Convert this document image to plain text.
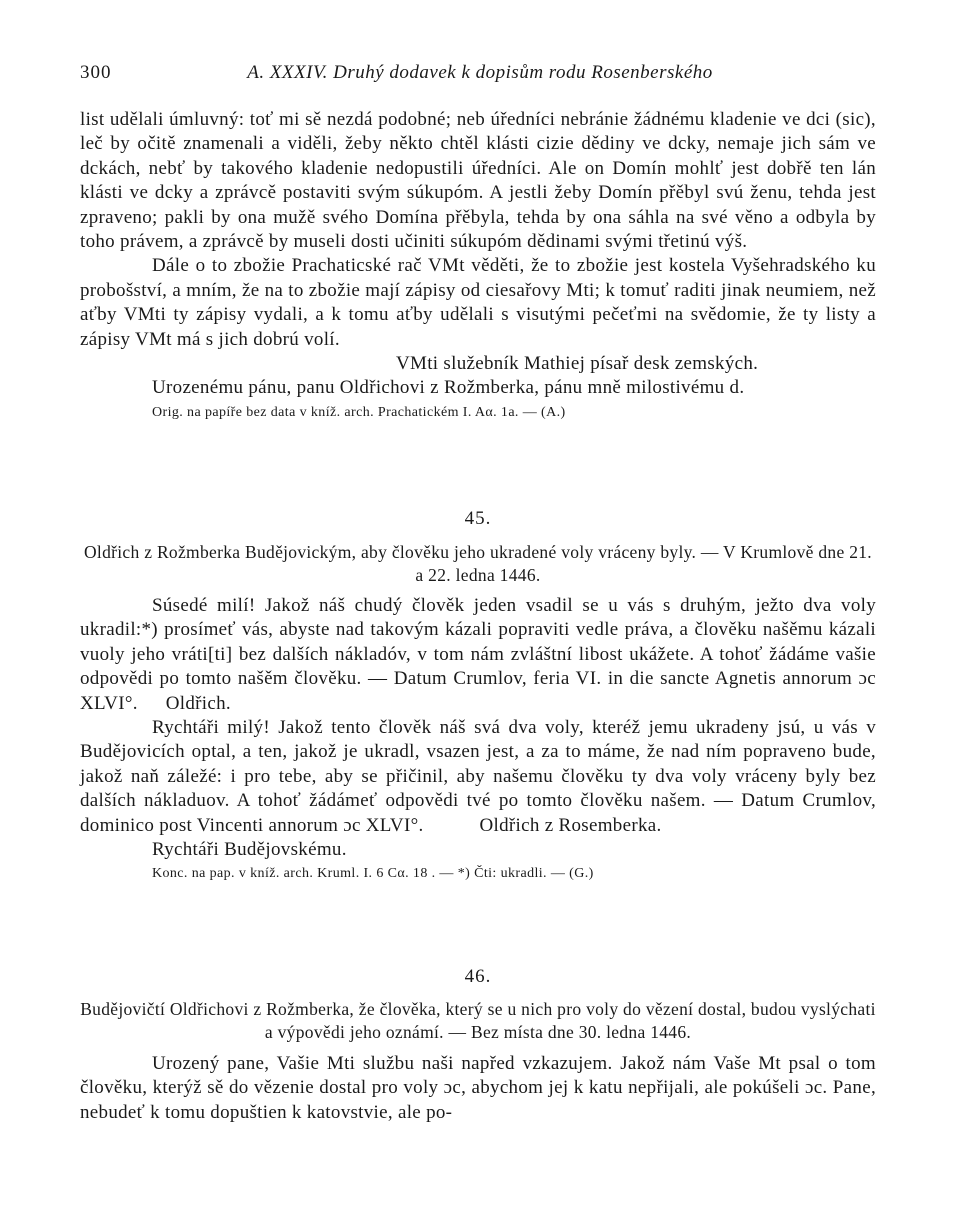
300	A. XXXIV. Druhý dodavek k dopisům rodu Rosenberského

list udělali úmluvný: toť mi sě nezdá podobné; neb úředníci nebránie žádnému kladenie ve dci (sic), leč by očitě znamenali a viděli, žeby někto chtěl klásti cizie dědiny ve dcky, nemaje jich sám ve dckách, nebť by takového kladenie nedopustili úředníci. Ale on Domín mohlť jest dobřě ten lán klásti ve dcky a zprávcě postaviti svým súkupóm. A jestli žeby Domín přěbyl svú ženu, tehda jest zpraveno; pakli by ona mužě svého Domína přěbyla, tehda by ona sáhla na své věno a odbyla by toho právem, a zprávcě by museli dosti učiniti súkupóm dědinami svými třetinú výš.

Dále o to zbožie Prachaticské rač VMt věděti, že to zbožie jest kostela Vyšehradského ku probošství, a mním, že na to zbožie mají zápisy od ciesařovy Mti; k tomuť raditi jinak neumiem, než aťby VMti ty zápisy vydali, a k tomu aťby udělali s visutými pečeťmi na svědomie, že ty listy a zápisy VMt má s jich dobrú volí.

VMti služebník Mathiej písař desk zemských.

Urozenému pánu, panu Oldřichovi z Rožmberka, pánu mně milostivému d.

Orig. na papíře bez data v kníž. arch. Prachatickém I. Aα. 1a. — (A.)

45.
Oldřich z Rožmberka Budějovickým, aby člověku jeho ukradené voly vráceny byly. — V Krumlově dne 21. a 22. ledna 1446.

Súsedé milí! Jakož náš chudý člověk jeden vsadil se u vás s druhým, ježto dva voly ukradil:*) prosímeť vás, abyste nad takovým kázali popraviti vedle práva, a člověku našěmu kázali vuoly jeho vráti[ti] bez dalších nákladóv, v tom nám zvláštní libost ukážete. A tohoť žádáme vašie odpovědi po tomto našěm člověku. — Datum Crumlov, feria VI. in die sancte Agnetis annorum ɔc XLVI°. Oldřich.

Rychtáři milý! Jakož tento člověk náš svá dva voly, kteréž jemu ukradeny jsú, u vás v Budějovicích optal, a ten, jakož je ukradl, vsazen jest, a za to máme, že nad ním popraveno bude, jakož naň záležé: i pro tebe, aby se přičinil, aby našemu člověku ty dva voly vráceny byly bez dalších nákladuov. A tohoť žádámeť odpovědi tvé po tomto člověku našem. — Datum Crumlov, dominico post Vincenti annorum ɔc XLVI°.	Oldřich z Rosemberka.

Rychtáři Budějovskému.

Konc. na pap. v kníž. arch. Kruml. I. 6 Cα. 18 . — *) Čti: ukradli. — (G.)

46.
Budějovičtí Oldřichovi z Rožmberka, že člověka, který se u nich pro voly do vězení dostal, budou vyslýchati a výpovědi jeho oznámí. — Bez místa dne 30. ledna 1446.

Urozený pane, Vašie Mti službu naši napřed vzkazujem. Jakož nám Vaše Mt psal o tom člověku, kterýž sě do vězenie dostal pro voly ɔc, abychom jej k katu nepřijali, ale pokúšeli ɔc. Pane, nebudeť k tomu dopuštien k katovstvie, ale po-
